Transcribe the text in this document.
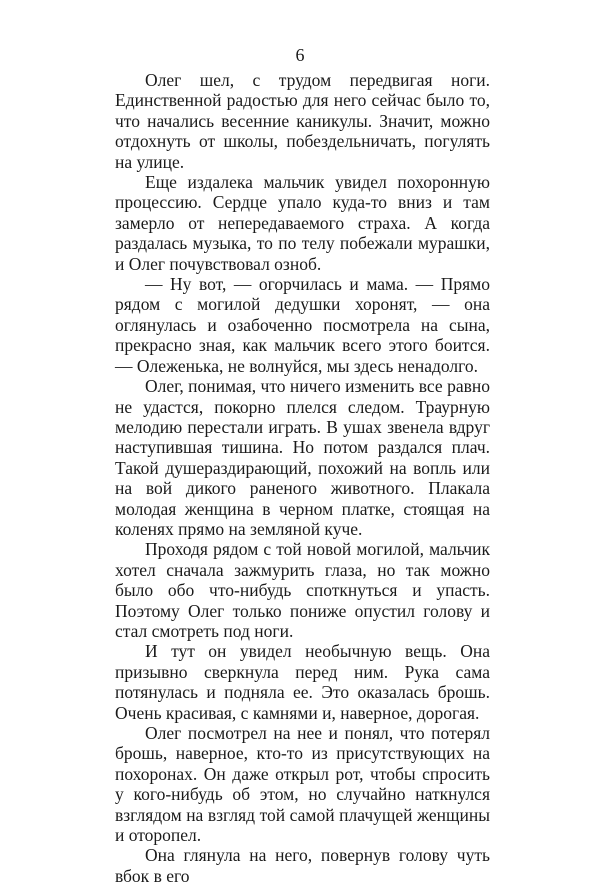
6

Олег шел, с трудом передвигая ноги. Единственной радостью для него сейчас было то, что начались весенние каникулы. Значит, можно отдохнуть от школы, побездельничать, погулять на улице.

Еще издалека мальчик увидел похоронную процессию. Сердце упало куда-то вниз и там замерло от непередаваемого страха. А когда раздалась музыка, то по телу побежали мурашки, и Олег почувствовал озноб.

— Ну вот, — огорчилась и мама. — Прямо рядом с могилой дедушки хоронят, — она оглянулась и озабоченно посмотрела на сына, прекрасно зная, как мальчик всего этого боится. — Олеженька, не волнуйся, мы здесь ненадолго.

Олег, понимая, что ничего изменить все равно не удастся, покорно плелся следом. Траурную мелодию перестали играть. В ушах звенела вдруг наступившая тишина. Но потом раздался плач. Такой душераздирающий, похожий на вопль или на вой дикого раненого животного. Плакала молодая женщина в черном платке, стоящая на коленях прямо на земляной куче.

Проходя рядом с той новой могилой, мальчик хотел сначала зажмурить глаза, но так можно было обо что-нибудь споткнуться и упасть. Поэтому Олег только пониже опустил голову и стал смотреть под ноги.

И тут он увидел необычную вещь. Она призывно сверкнула перед ним. Рука сама потянулась и подняла ее. Это оказалась брошь. Очень красивая, с камнями и, наверное, дорогая.

Олег посмотрел на нее и понял, что потерял брошь, наверное, кто-то из присутствующих на похоронах. Он даже открыл рот, чтобы спросить у кого-нибудь об этом, но случайно наткнулся взглядом на взгляд той самой плачущей женщины и оторопел.

Она глянула на него, повернув голову чуть вбок в его
